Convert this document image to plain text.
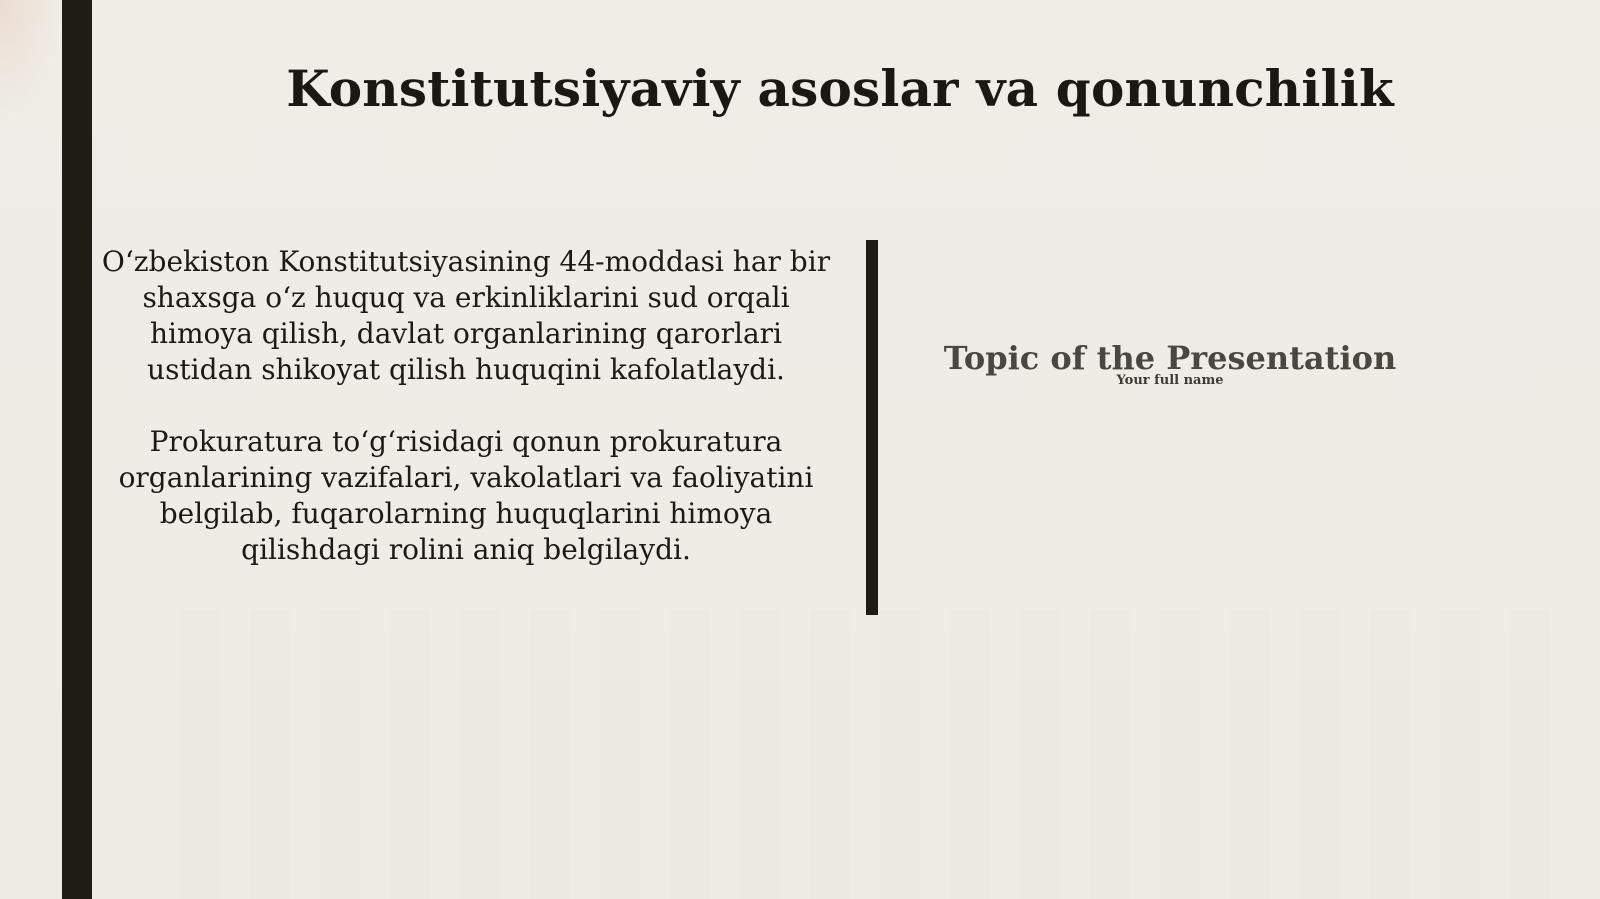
Konstitutsiyaviy asoslar va qonunchilik

O‘zbekiston Konstitutsiyasining 44-moddasi har bir shaxsga o‘z huquq va erkinliklarini sud orqali himoya qilish, davlat organlarining qarorlari ustidan shikoyat qilish huquqini kafolatlaydi.

Prokuratura to‘g‘risidagi qonun prokuratura organlarining vazifalari, vakolatlari va faoliyatini belgilab, fuqarolarning huquqlarini himoya qilishdagi rolini aniq belgilaydi.

Topic of the Presentation
Your full name
